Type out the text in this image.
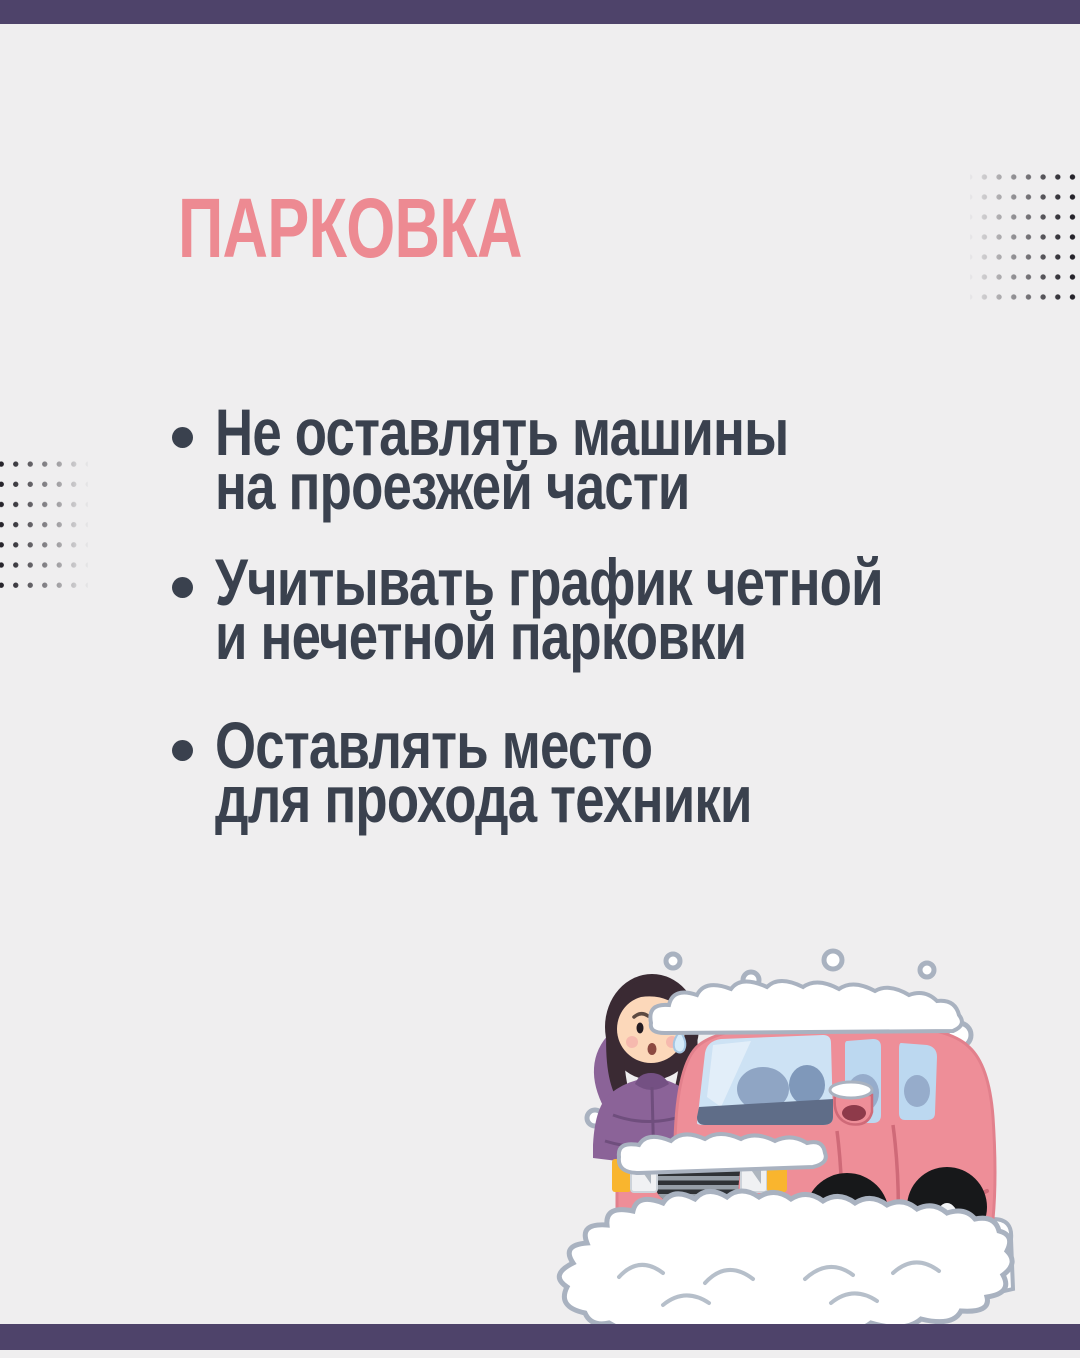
ПАРКОВКА
Не оставлять машины
на проезжей части
Учитывать график четной
и нечетной парковки
Оставлять место
для прохода техники
